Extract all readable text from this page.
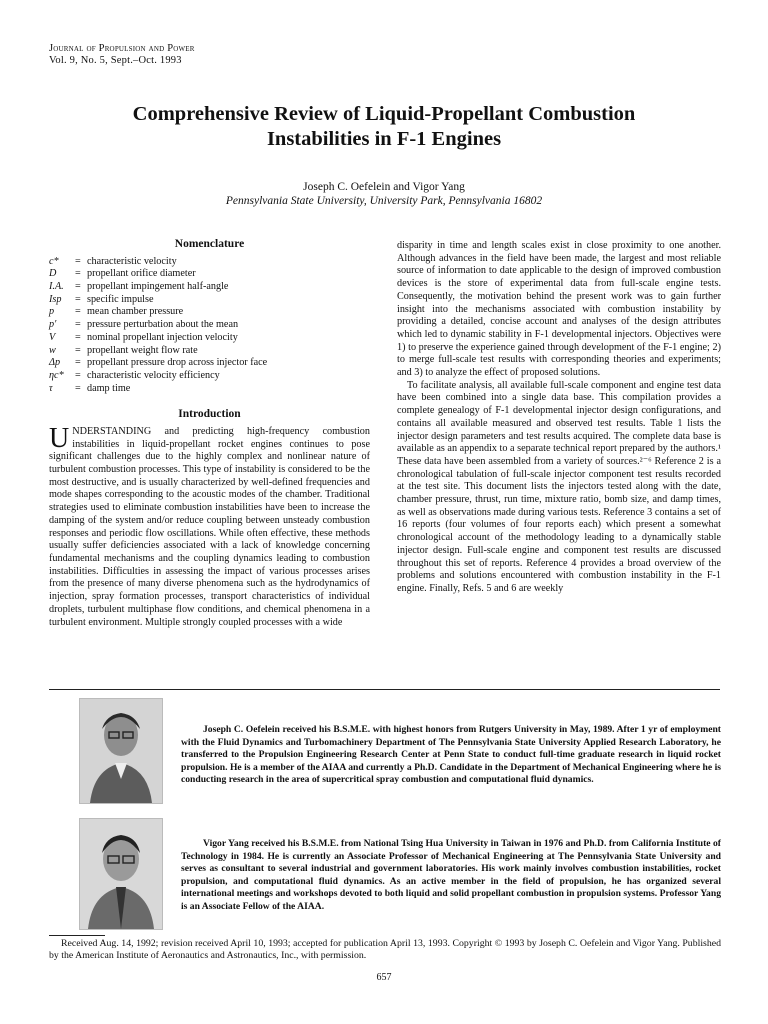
Journal of Propulsion and Power
Vol. 9, No. 5, Sept.–Oct. 1993
Comprehensive Review of Liquid-Propellant Combustion
Instabilities in F-1 Engines
Joseph C. Oefelein and Vigor Yang
Pennsylvania State University, University Park, Pennsylvania 16802
Nomenclature
c*	= characteristic velocity
D	= propellant orifice diameter
I.A.	= propellant impingement half-angle
Isp	= specific impulse
p	= mean chamber pressure
p′	= pressure perturbation about the mean
V	= nominal propellant injection velocity
w	= propellant weight flow rate
Δp	= propellant pressure drop across injector face
ηc*	= characteristic velocity efficiency
τ	= damp time
Introduction
UNDERSTANDING and predicting high-frequency combustion instabilities in liquid-propellant rocket engines continues to pose significant challenges due to the highly complex and nonlinear nature of turbulent combustion processes. This type of instability is considered to be the most destructive, and is usually characterized by well-defined frequencies and mode shapes corresponding to the acoustic modes of the chamber. Traditional strategies used to eliminate combustion instabilities have been to increase the damping of the system and/or reduce coupling between unsteady combustion responses and periodic flow oscillations. While often effective, these methods usually suffer deficiencies associated with a lack of knowledge concerning fundamental mechanisms and the coupling dynamics leading to combustion instabilities. Difficulties in assessing the impact of various processes arises from the presence of many diverse phenomena such as the hydrodynamics of injection, spray formation processes, transport characteristics of individual droplets, turbulent multiphase flow conditions, and chemical phenomena in a turbulent environment. Multiple strongly coupled processes with a wide

disparity in time and length scales exist in close proximity to one another. Although advances in the field have been made, the largest and most reliable source of information to date applicable to the design of improved combustion devices is the store of experimental data from full-scale engine tests. Consequently, the motivation behind the present work was to gain further insight into the mechanisms associated with combustion instability by providing a detailed, concise account and analyses of the design attributes which led to dynamic stability in F-1 developmental injectors. Objectives were 1) to preserve the experience gained through development of the F-1 engine; 2) to merge full-scale test results with corresponding theories and experiments; and 3) to analyze the effect of proposed solutions.

To facilitate analysis, all available full-scale component and engine test data have been combined into a single data base. This compilation provides a complete genealogy of F-1 developmental injector design configurations, and contains all available measured and observed test results. Table 1 lists the injector design parameters and test results acquired. The complete data base is available as an appendix to a separate technical report prepared by the authors.¹ These data have been assembled from a variety of sources.²⁻⁶ Reference 2 is a chronological tabulation of full-scale injector component test results recorded at the test site. This document lists the injectors tested along with the date, chamber pressure, thrust, run time, mixture ratio, bomb size, and damp times, as well as observations made during various tests. Reference 3 contains a set of 16 reports (four volumes of four reports each) which present a somewhat chronological account of the methodology leading to a dynamically stable injector design. Full-scale engine and component test results are discussed throughout this set of reports. Reference 4 provides a broad overview of the problems and solutions encountered with combustion instability in the F-1 engine. Finally, Refs. 5 and 6 are weekly

Joseph C. Oefelein received his B.S.M.E. with highest honors from Rutgers University in May, 1989. After 1 yr of employment with the Fluid Dynamics and Turbomachinery Department of The Pennsylvania State University Applied Research Laboratory, he transferred to the Propulsion Engineering Research Center at Penn State to conduct full-time graduate research in liquid rocket propulsion. He is a member of the AIAA and currently a Ph.D. Candidate in the Department of Mechanical Engineering where he is conducting research in the area of supercritical spray combustion and computational fluid dynamics.
Vigor Yang received his B.S.M.E. from National Tsing Hua University in Taiwan in 1976 and Ph.D. from California Institute of Technology in 1984. He is currently an Associate Professor of Mechanical Engineering at The Pennsylvania State University and serves as consultant to several industrial and government laboratories. His work mainly involves combustion instabilities, rocket propulsion, and computational fluid dynamics. As an active member in the field of propulsion, he has organized several international meetings and workshops devoted to both liquid and solid propellant combustion in propulsion systems. Professor Yang is an Associate Fellow of the AIAA.
Received Aug. 14, 1992; revision received April 10, 1993; accepted for publication April 13, 1993. Copyright © 1993 by Joseph C. Oefelein and Vigor Yang. Published by the American Institute of Aeronautics and Astronautics, Inc., with permission.
657
